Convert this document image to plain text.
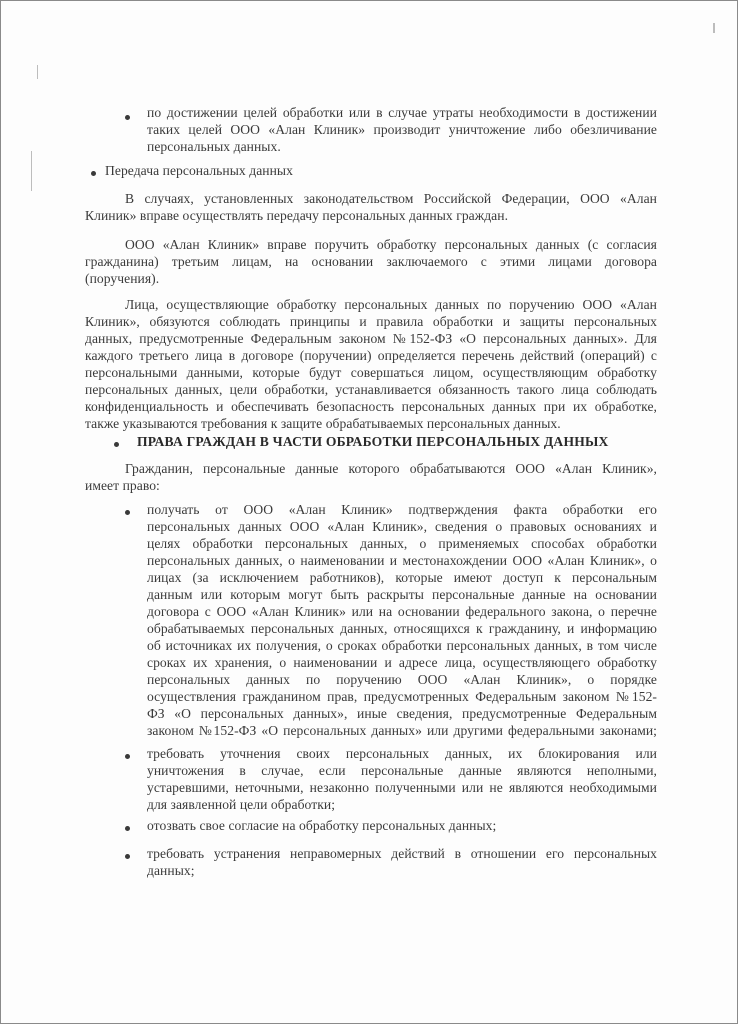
по достижении целей обработки или в случае утраты необходимости в достижении
таких целей ООО «Алан Клиник» производит уничтожение либо обезличивание
персональных данных.
Передача персональных данных
В случаях, установленных законодательством Российской Федерации, ООО «Алан
Клиник» вправе осуществлять передачу персональных данных граждан.
ООО «Алан Клиник» вправе поручить обработку персональных данных (с согласия
гражданина) третьим лицам, на основании заключаемого с этими лицами договора
(поручения).
Лица, осуществляющие обработку персональных данных по поручению ООО «Алан
Клиник», обязуются соблюдать принципы и правила обработки и защиты персональных
данных, предусмотренные Федеральным законом №152-ФЗ «О персональных данных». Для
каждого третьего лица в договоре (поручении) определяется перечень действий (операций) с
персональными данными, которые будут совершаться лицом, осуществляющим обработку
персональных данных, цели обработки, устанавливается обязанность такого лица соблюдать
конфиденциальность и обеспечивать безопасность персональных данных при их обработке,
также указываются требования к защите обрабатываемых персональных данных.
ПРАВА ГРАЖДАН В ЧАСТИ ОБРАБОТКИ ПЕРСОНАЛЬНЫХ ДАННЫХ
Гражданин, персональные данные которого обрабатываются ООО «Алан Клиник»,
имеет право:
получать от ООО «Алан Клиник» подтверждения факта обработки его
персональных данных ООО «Алан Клиник», сведения о правовых основаниях и
целях обработки персональных данных, о применяемых способах обработки
персональных данных, о наименовании и местонахождении ООО «Алан Клиник», о
лицах (за исключением работников), которые имеют доступ к персональным
данным или которым могут быть раскрыты персональные данные на основании
договора с ООО «Алан Клиник» или на основании федерального закона, о перечне
обрабатываемых персональных данных, относящихся к гражданину, и информацию
об источниках их получения, о сроках обработки персональных данных, в том числе
сроках их хранения, о наименовании и адресе лица, осуществляющего обработку
персональных данных по поручению ООО «Алан Клиник», о порядке
осуществления гражданином прав, предусмотренных Федеральным законом №152-
ФЗ «О персональных данных», иные сведения, предусмотренные Федеральным
законом №152-ФЗ «О персональных данных» или другими федеральными законами;
требовать уточнения своих персональных данных, их блокирования или
уничтожения в случае, если персональные данные являются неполными,
устаревшими, неточными, незаконно полученными или не являются необходимыми
для заявленной цели обработки;
отозвать свое согласие на обработку персональных данных;
требовать устранения неправомерных действий в отношении его персональных
данных;
